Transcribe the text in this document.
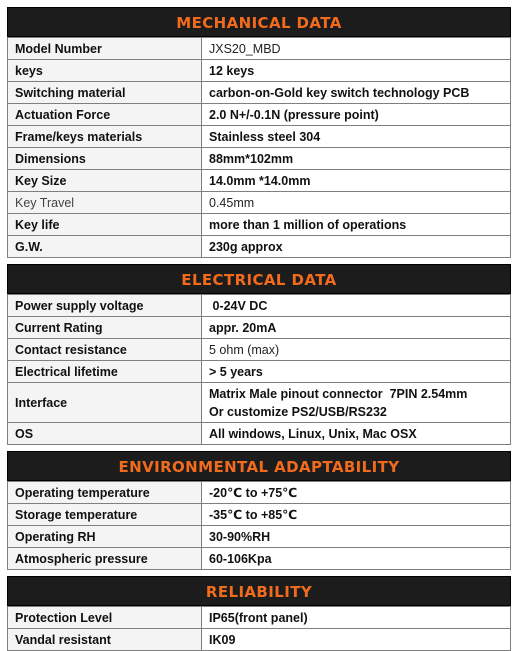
MECHANICAL DATA
Model Number	JXS20_MBD
keys	12 keys
Switching material	carbon-on-Gold key switch technology PCB
Actuation Force	2.0 N+/-0.1N (pressure point)
Frame/keys materials	Stainless steel 304
Dimensions	88mm*102mm
Key Size	14.0mm *14.0mm
Key Travel	0.45mm
Key life	more than 1 million of operations
G.W.	230g approx
ELECTRICAL DATA
Power supply voltage	0-24V DC
Current Rating	appr. 20mA
Contact resistance	5 ohm (max)
Electrical lifetime	> 5 years
Interface	Matrix Male pinout connector  7PIN 2.54mm
Or customize PS2/USB/RS232

OS	All windows, Linux, Unix, Mac OSX
ENVIRONMENTAL ADAPTABILITY
Operating temperature	-20℃ to +75℃
Storage temperature	-35℃ to +85℃
Operating RH	30-90%RH
Atmospheric pressure	60-106Kpa
RELIABILITY
Protection Level	IP65(front panel)
Vandal resistant	IK09
